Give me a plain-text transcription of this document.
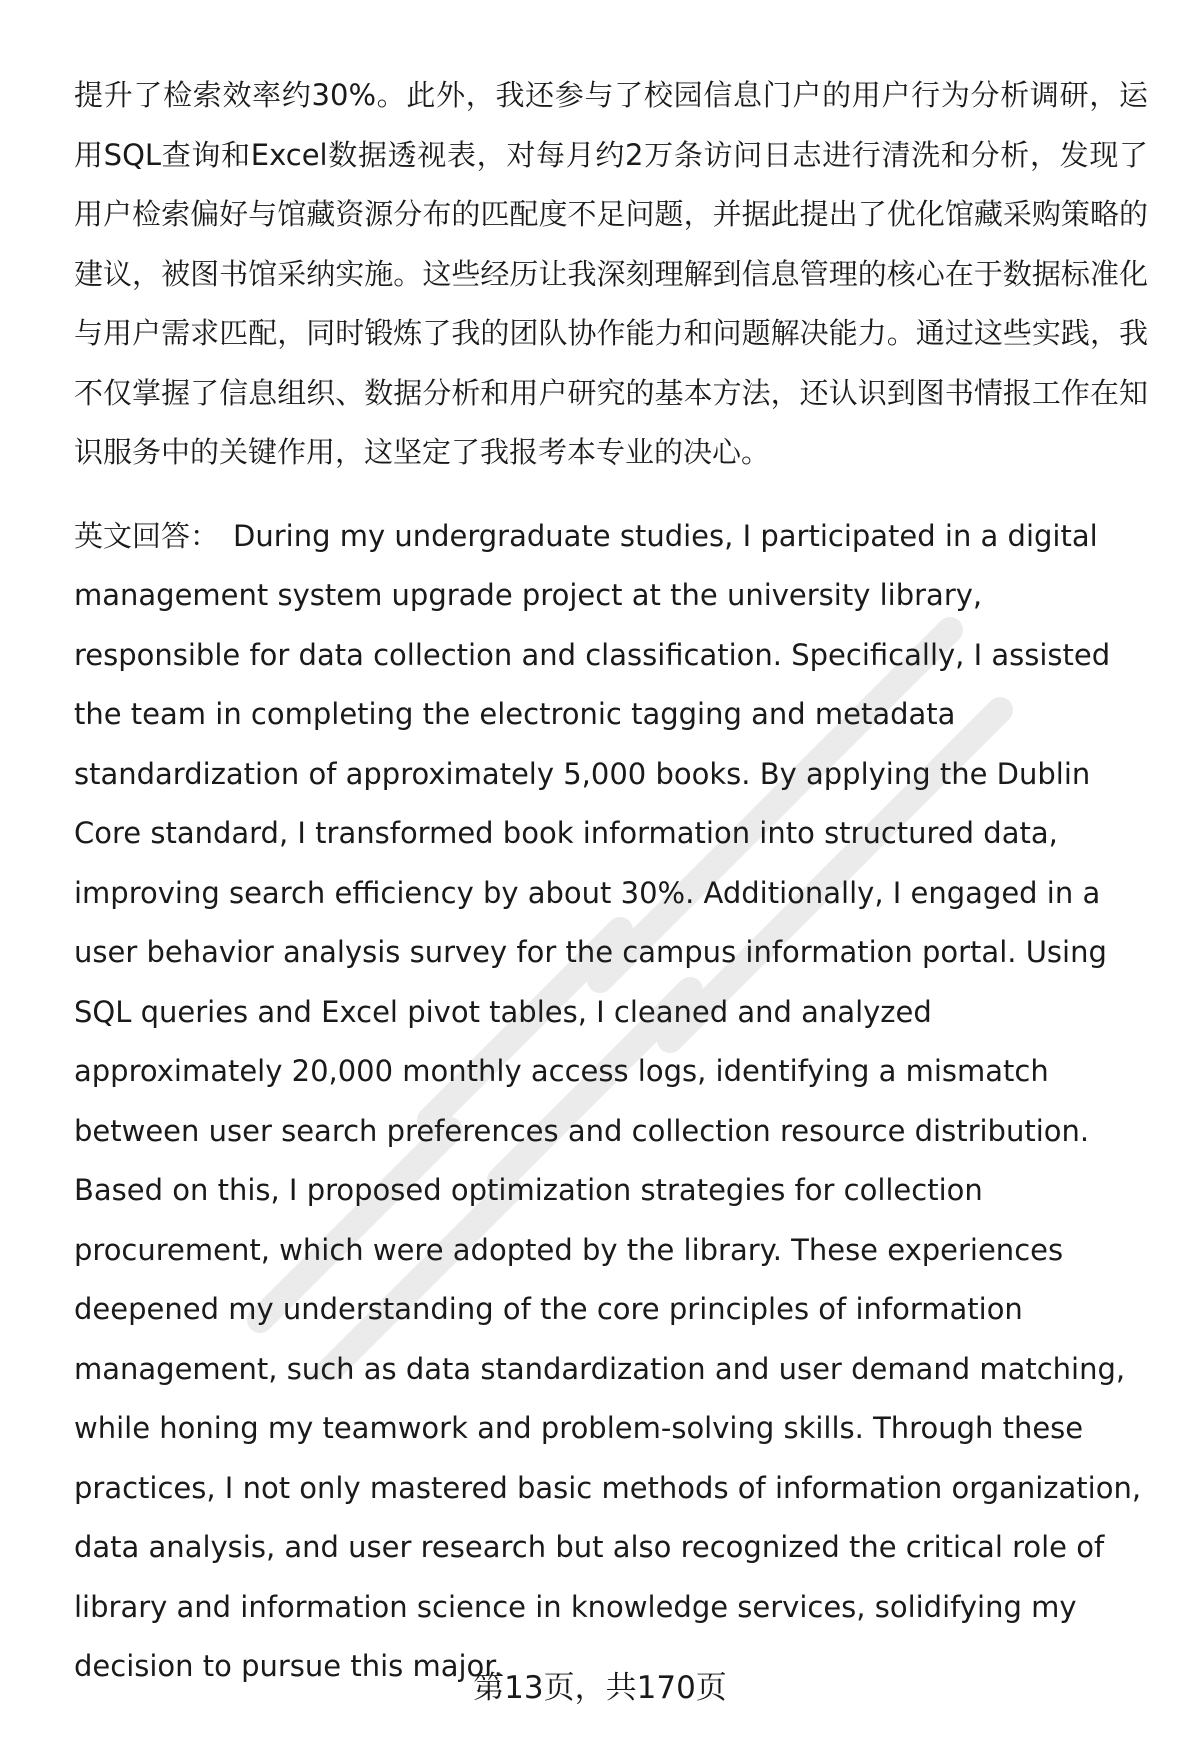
提升了检索效率约30%。此外，我还参与了校园信息门户的用户行为分析调研，运用SQL查询和Excel数据透视表，对每月约2万条访问日志进行清洗和分析，发现了用户检索偏好与馆藏资源分布的匹配度不足问题，并据此提出了优化馆藏采购策略的建议，被图书馆采纳实施。这些经历让我深刻理解到信息管理的核心在于数据标准化与用户需求匹配，同时锻炼了我的团队协作能力和问题解决能力。通过这些实践，我不仅掌握了信息组织、数据分析和用户研究的基本方法，还认识到图书情报工作在知识服务中的关键作用，这坚定了我报考本专业的决心。

英文回答： During my undergraduate studies, I participated in a digital management system upgrade project at the university library, responsible for data collection and classification. Specifically, I assisted the team in completing the electronic tagging and metadata standardization of approximately 5,000 books. By applying the Dublin Core standard, I transformed book information into structured data, improving search efficiency by about 30%. Additionally, I engaged in a user behavior analysis survey for the campus information portal. Using SQL queries and Excel pivot tables, I cleaned and analyzed approximately 20,000 monthly access logs, identifying a mismatch between user search preferences and collection resource distribution. Based on this, I proposed optimization strategies for collection procurement, which were adopted by the library. These experiences deepened my understanding of the core principles of information management, such as data standardization and user demand matching, while honing my teamwork and problem-solving skills. Through these practices, I not only mastered basic methods of information organization, data analysis, and user research but also recognized the critical role of library and information science in knowledge services, solidifying my decision to pursue this major.

第13页，共170页
